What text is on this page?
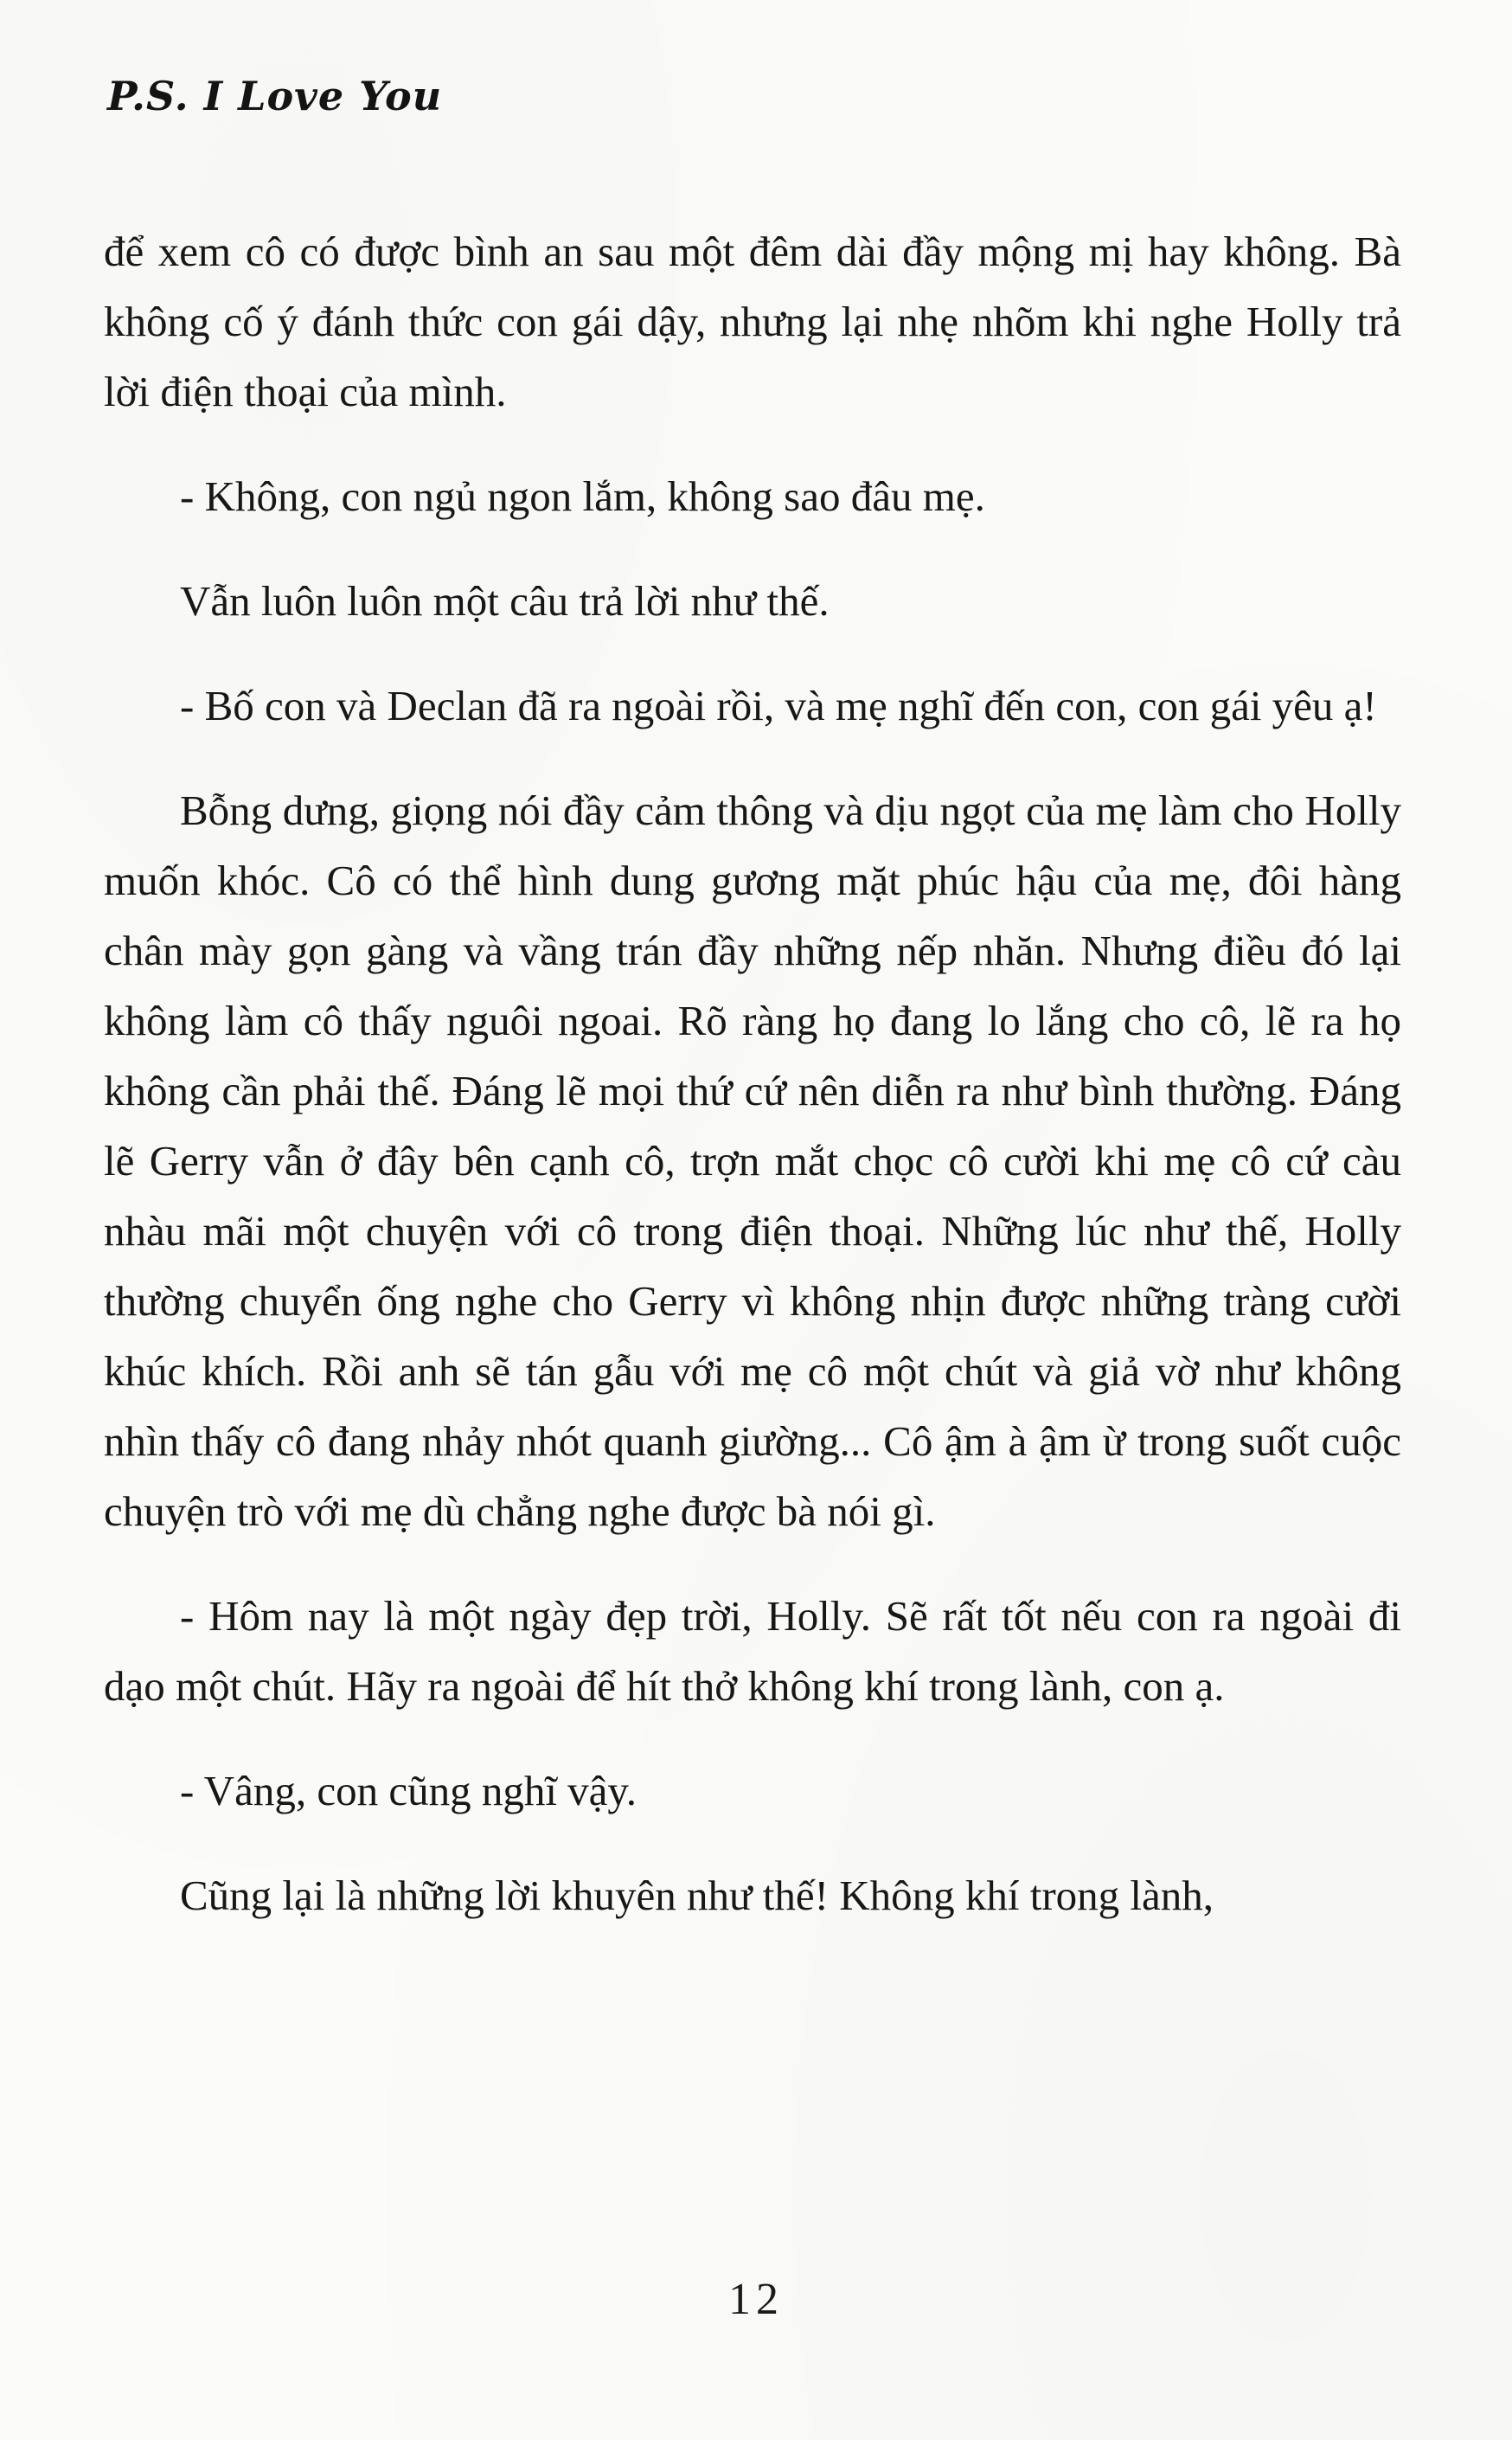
P.S. I Love You

để xem cô có được bình an sau một đêm dài đầy mộng mị hay không. Bà không cố ý đánh thức con gái dậy, nhưng lại nhẹ nhõm khi nghe Holly trả lời điện thoại của mình.

- Không, con ngủ ngon lắm, không sao đâu mẹ.

Vẫn luôn luôn một câu trả lời như thế.

- Bố con và Declan đã ra ngoài rồi, và mẹ nghĩ đến con, con gái yêu ạ!

Bỗng dưng, giọng nói đầy cảm thông và dịu ngọt của mẹ làm cho Holly muốn khóc. Cô có thể hình dung gương mặt phúc hậu của mẹ, đôi hàng chân mày gọn gàng và vầng trán đầy những nếp nhăn. Nhưng điều đó lại không làm cô thấy nguôi ngoai. Rõ ràng họ đang lo lắng cho cô, lẽ ra họ không cần phải thế. Đáng lẽ mọi thứ cứ nên diễn ra như bình thường. Đáng lẽ Gerry vẫn ở đây bên cạnh cô, trợn mắt chọc cô cười khi mẹ cô cứ càu nhàu mãi một chuyện với cô trong điện thoại. Những lúc như thế, Holly thường chuyển ống nghe cho Gerry vì không nhịn được những tràng cười khúc khích. Rồi anh sẽ tán gẫu với mẹ cô một chút và giả vờ như không nhìn thấy cô đang nhảy nhót quanh giường... Cô ậm à ậm ừ trong suốt cuộc chuyện trò với mẹ dù chẳng nghe được bà nói gì.

- Hôm nay là một ngày đẹp trời, Holly. Sẽ rất tốt nếu con ra ngoài đi dạo một chút. Hãy ra ngoài để hít thở không khí trong lành, con ạ.

- Vâng, con cũng nghĩ vậy.

Cũng lại là những lời khuyên như thế! Không khí trong lành,

12
